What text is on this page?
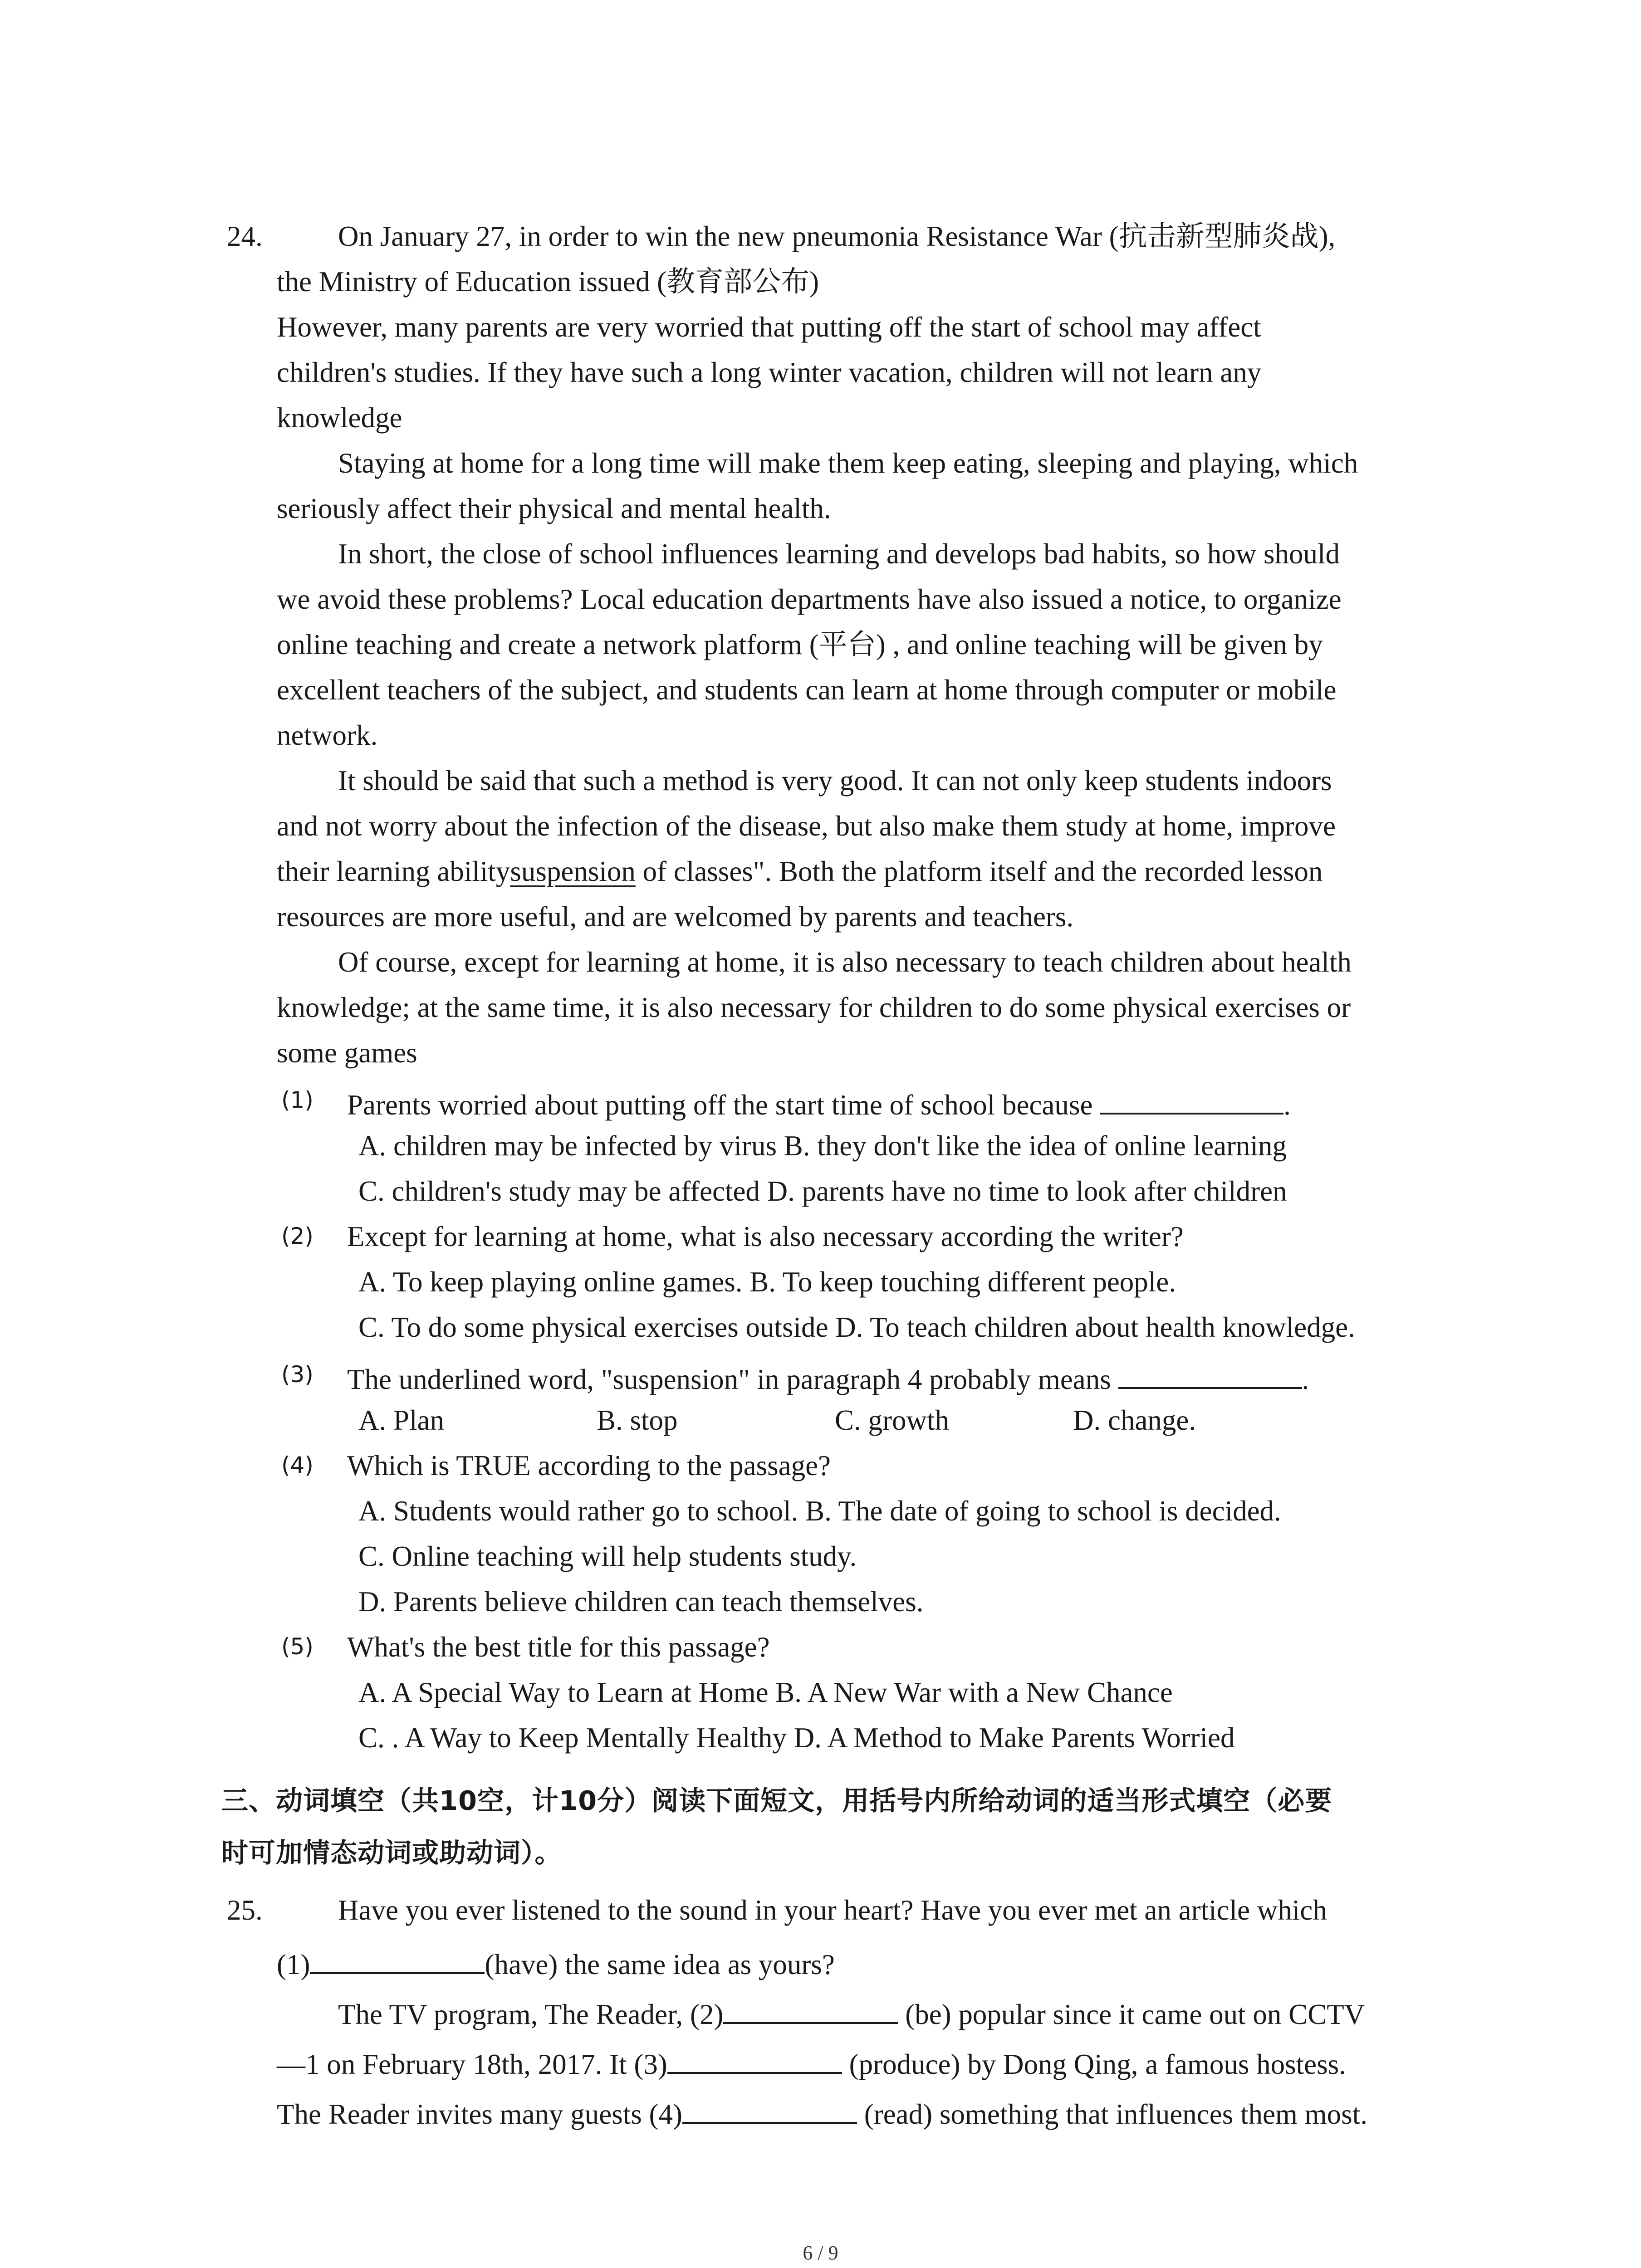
24.	On January 27, in order to win the new pneumonia Resistance War (抗击新型肺炎战),
the Ministry of Education issued (教育部公布)
However, many parents are very worried that putting off the start of school may affect
children's studies. If they have such a long winter vacation, children will not learn any
knowledge
Staying at home for a long time will make them keep eating, sleeping and playing, which
seriously affect their physical and mental health.
In short, the close of school influences learning and develops bad habits, so how should
we avoid these problems? Local education departments have also issued a notice, to organize
online teaching and create a network platform (平台) , and online teaching will be given by
excellent teachers of the subject, and students can learn at home through computer or mobile
network.
It should be said that such a method is very good. It can not only keep students indoors
and not worry about the infection of the disease, but also make them study at home, improve
their learning abilitysuspension of classes". Both the platform itself and the recorded lesson
resources are more useful, and are welcomed by parents and teachers.
Of course, except for learning at home, it is also necessary to teach children about health
knowledge; at the same time, it is also necessary for children to do some physical exercises or
some games
(1) Parents worried about putting off the start time of school because	.
A. children may be infected by virus B. they don't like the idea of online learning
C. children's study may be affected D. parents have no time to look after children
(2) Except for learning at home, what is also necessary according the writer?
A. To keep playing online games. B. To keep touching different people.
C. To do some physical exercises outside D. To teach children about health knowledge.
(3) The underlined word, "suspension" in paragraph 4 probably means	.
A. Plan	B. stop	C. growth	D. change.
(4) Which is TRUE according to the passage?
A. Students would rather go to school. B. The date of going to school is decided.
C. Online teaching will help students study.
D. Parents believe children can teach themselves.
(5) What's the best title for this passage?
A. A Special Way to Learn at Home B. A New War with a New Chance
C. . A Way to Keep Mentally Healthy D. A Method to Make Parents Worried
三、动词填空（共10空，计10分）阅读下面短文，用括号内所给动词的适当形式填空（必要
时可加情态动词或助动词）。
25.	Have you ever listened to the sound in your heart? Have you ever met an article which
(1)	(have) the same idea as yours?
The TV program, The Reader, (2)	(be) popular since it came out on CCTV
—1 on February 18th, 2017. It (3)	(produce) by Dong Qing, a famous hostess.
The Reader invites many guests (4)	(read) something that influences them most.
6 / 9
